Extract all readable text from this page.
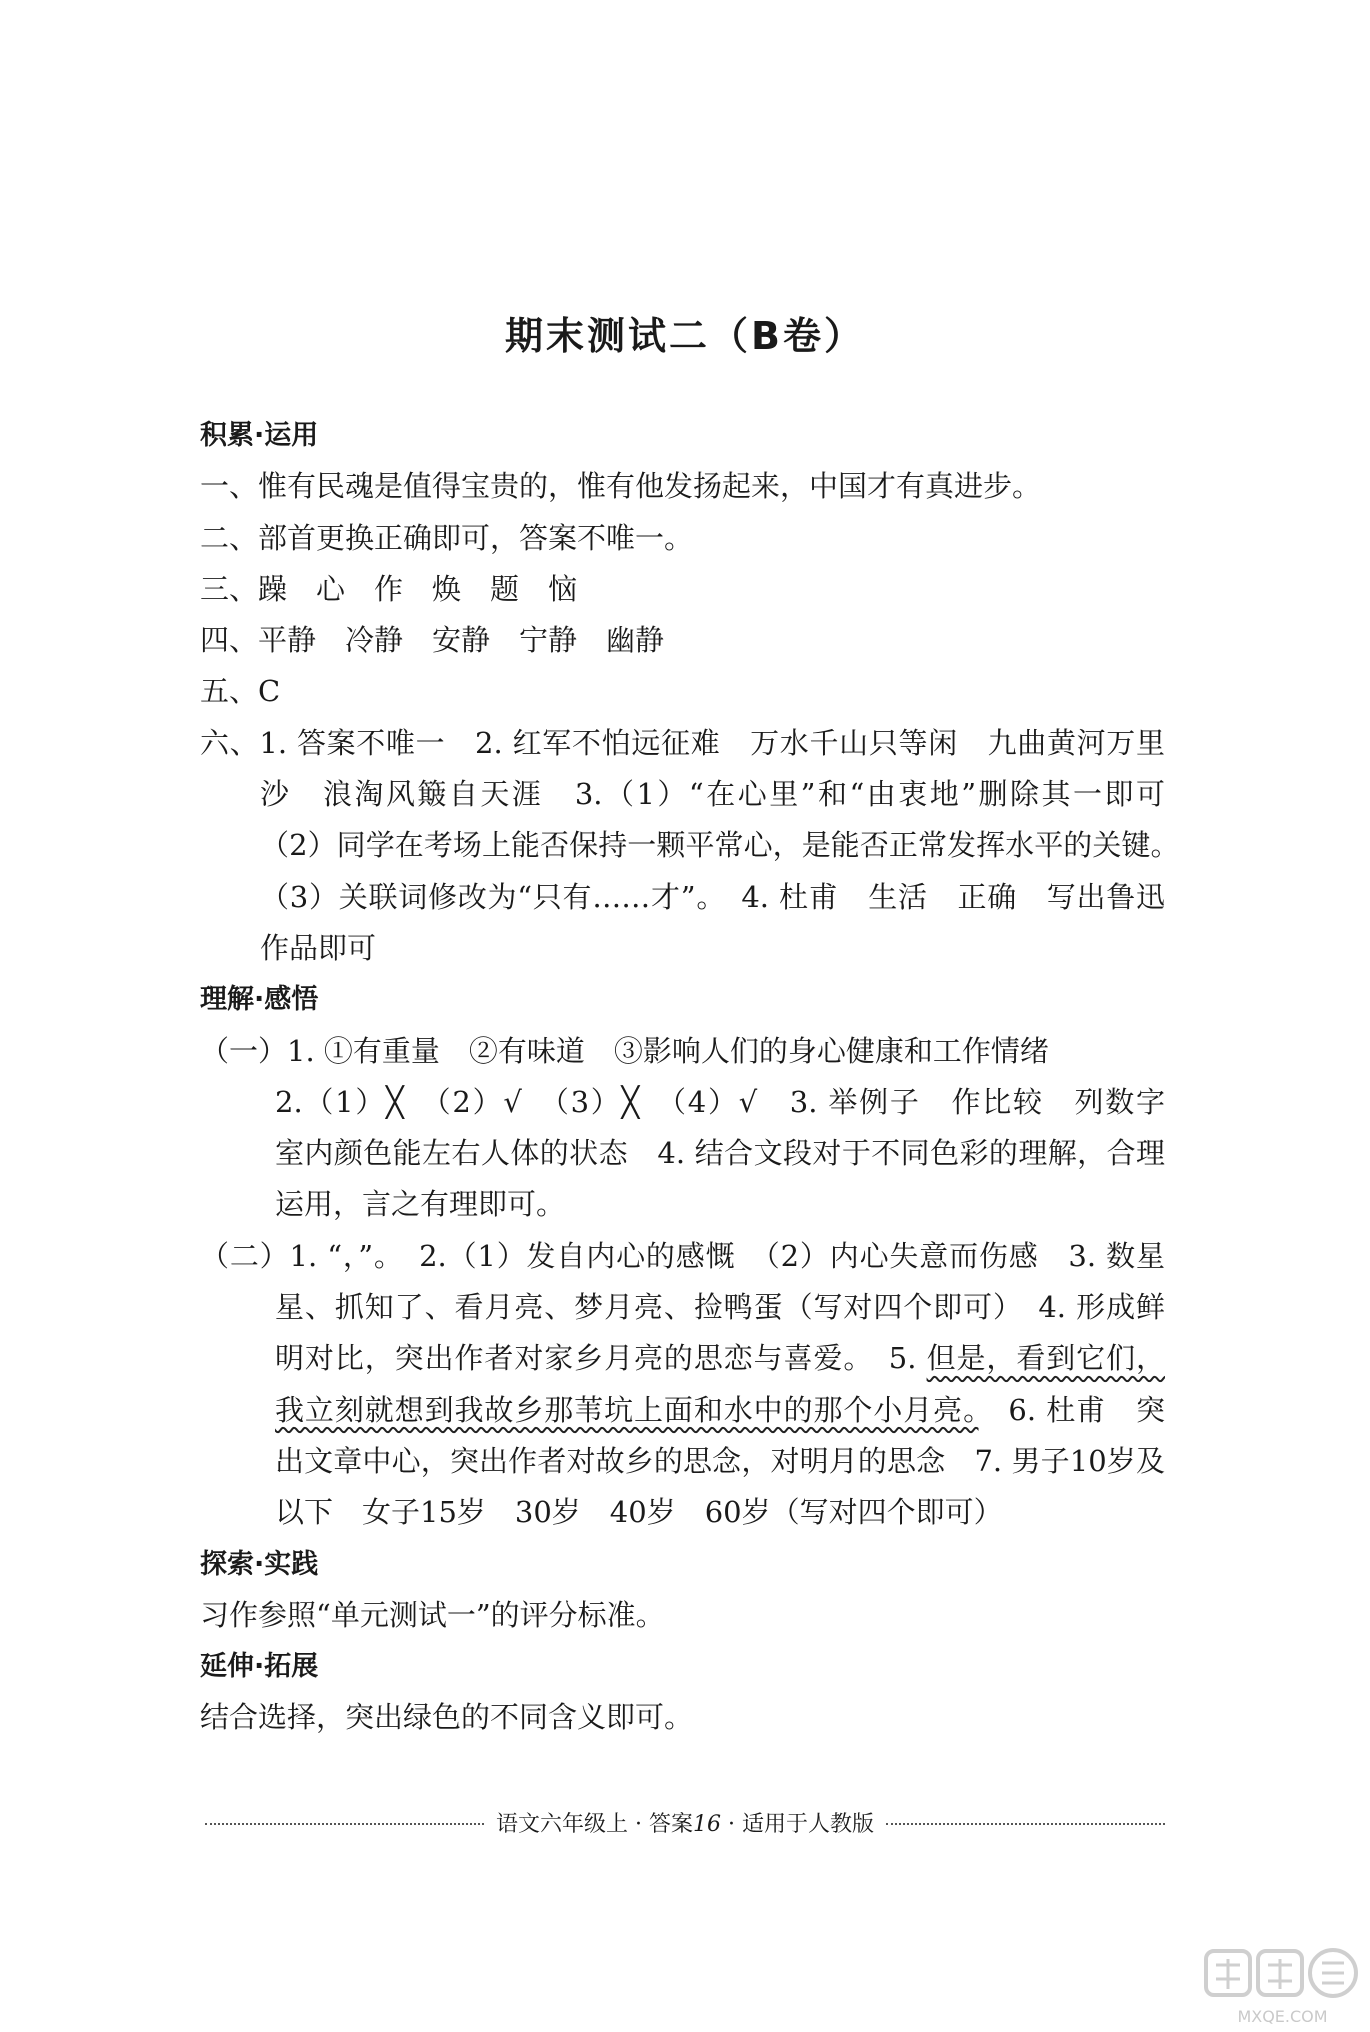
期末测试二（B卷）
积累·运用
一、惟有民魂是值得宝贵的，惟有他发扬起来，中国才有真进步。
二、部首更换正确即可，答案不唯一。
三、躁　心　作　焕　题　恼
四、平静　冷静　安静　宁静　幽静
五、C
六、1. 答案不唯一　2. 红军不怕远征难　万水千山只等闲　九曲黄河万里沙　浪淘风簸自天涯　3.（1）“在心里”和“由衷地”删除其一即可　（2）同学在考场上能否保持一颗平常心，是能否正常发挥水平的关键。　（3）关联词修改为“只有……才”。　4. 杜甫　生活　正确　写出鲁迅作品即可
理解·感悟
（一）1. ①有重量　②有味道　③影响人们的身心健康和工作情绪
2.（1）╳　（2）√　（3）╳　（4）√　3. 举例子　作比较　列数字　室内颜色能左右人体的状态　4. 结合文段对于不同色彩的理解，合理运用，言之有理即可。
（二）1. “，”。　2.（1）发自内心的感慨　（2）内心失意而伤感　3. 数星星、抓知了、看月亮、梦月亮、捡鸭蛋（写对四个即可）　4. 形成鲜明对比，突出作者对家乡月亮的思恋与喜爱。　5. 但是，看到它们，我立刻就想到我故乡那苇坑上面和水中的那个小月亮。　6. 杜甫　突出文章中心，突出作者对故乡的思念，对明月的思念　7. 男子10岁及以下　女子15岁　30岁　40岁　60岁（写对四个即可）
探索·实践
习作参照“单元测试一”的评分标准。
延伸·拓展
结合选择，突出绿色的不同含义即可。
语文六年级上 · 答案16 · 适用于人教版
MXQE.COM
